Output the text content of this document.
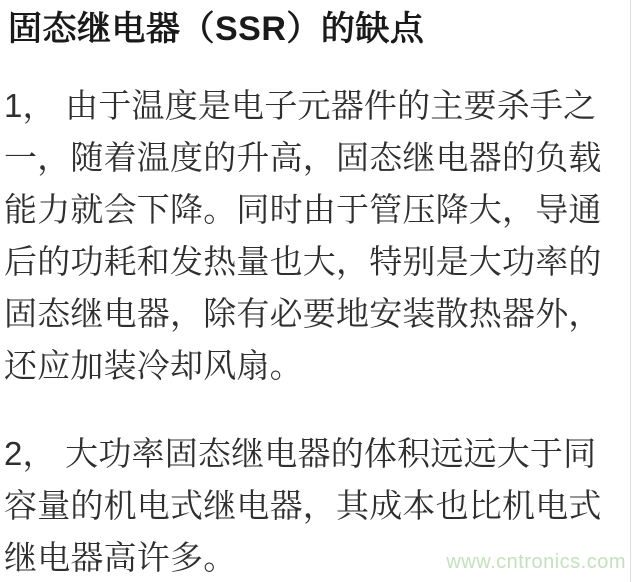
固态继电器（SSR）的缺点
1， 由于温度是电子元器件的主要杀手之
一，随着温度的升高，固态继电器的负载
能力就会下降。同时由于管压降大，导通
后的功耗和发热量也大，特别是大功率的
固态继电器，除有必要地安装散热器外，
还应加装冷却风扇。
2， 大功率固态继电器的体积远远大于同
容量的机电式继电器，其成本也比机电式
继电器高许多。	www.cntronics.com
